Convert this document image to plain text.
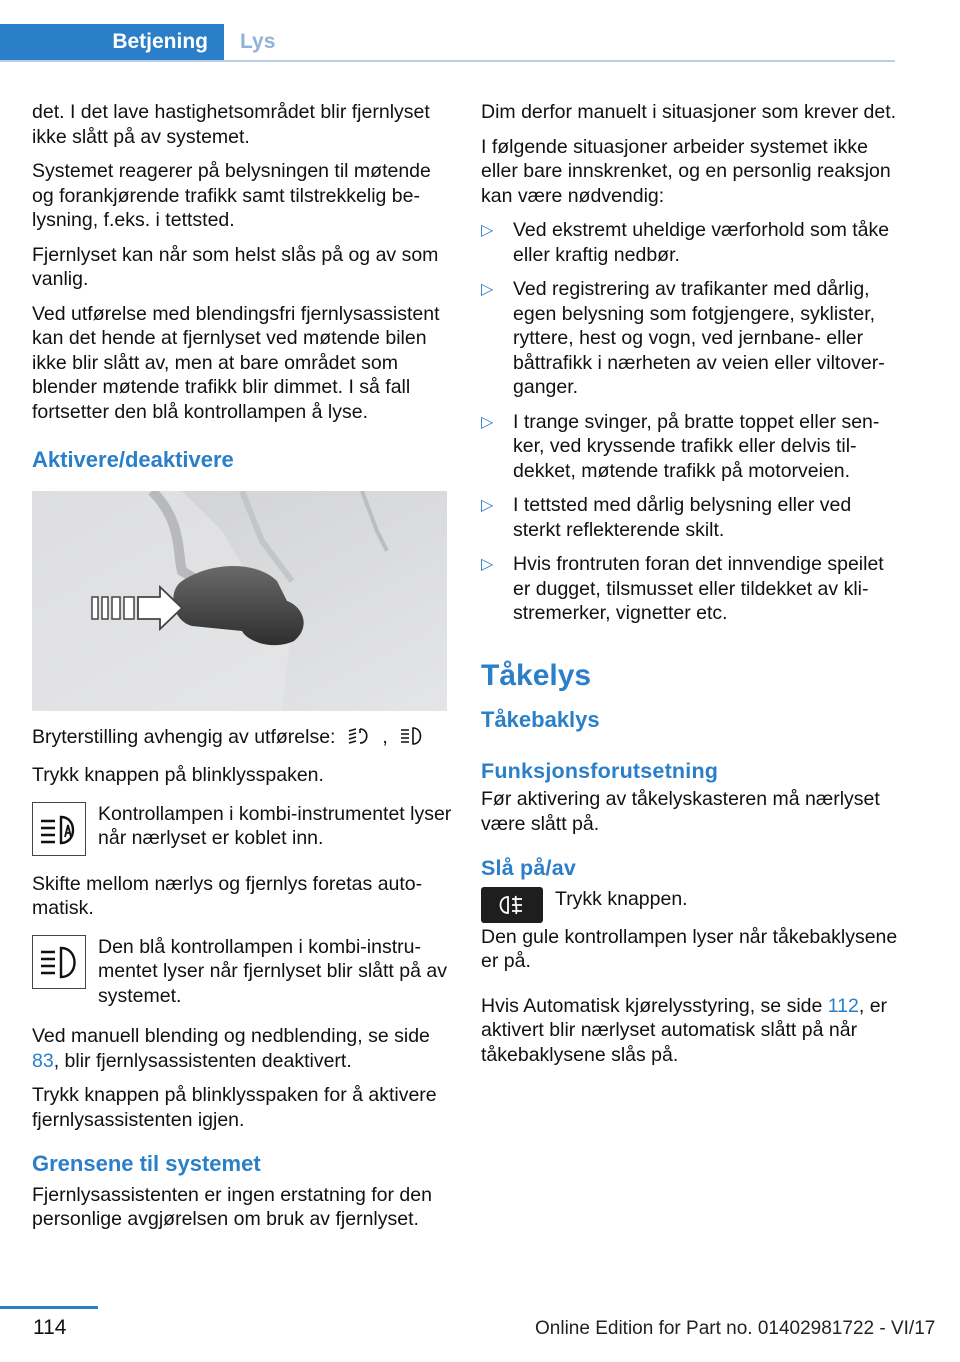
Betjening	Lys

det. I det lave hastighetsområdet blir fjernlyset ikke slått på av systemet.

Systemet reagerer på belysningen til møtende og forankjørende trafikk samt tilstrekkelig belysning, f.eks. i tettsted.

Fjernlyset kan når som helst slås på og av som vanlig.

Ved utførelse med blendingsfri fjernlysassistent kan det hende at fjernlyset ved møtende bilen ikke blir slått av, men at bare området som blender møtende trafikk blir dimmet. I så fall fortsetter den blå kontrollampen å lyse.

Aktivere/deaktivere

Bryterstilling avhengig av utførelse: ,

Trykk knappen på blinklysspaken.

Kontrollampen i kombi-instrumentet lyser når nærlyset er koblet inn.

Skifte mellom nærlys og fjernlys foretas automatisk.

Den blå kontrollampen i kombi-instrumentet lyser når fjernlyset blir slått på av systemet.

Ved manuell blending og nedblending, se side 83, blir fjernlysassistenten deaktivert.

Trykk knappen på blinklysspaken for å aktivere fjernlysassistenten igjen.

Grensene til systemet

Fjernlysassistenten er ingen erstatning for den personlige avgjørelsen om bruk av fjernlyset.

Dim derfor manuelt i situasjoner som krever det.

I følgende situasjoner arbeider systemet ikke eller bare innskrenket, og en personlig reaksjon kan være nødvendig:

▷ Ved ekstremt uheldige værforhold som tåke eller kraftig nedbør.
▷ Ved registrering av trafikanter med dårlig, egen belysning som fotgjengere, syklister, ryttere, hest og vogn, ved jernbane- eller båttrafikk i nærheten av veien eller viltoverganger.
▷ I trange svinger, på bratte toppet eller senker, ved kryssende trafikk eller delvis tildekket, møtende trafikk på motorveien.
▷ I tettsted med dårlig belysning eller ved sterkt reflekterende skilt.
▷ Hvis frontruten foran det innvendige speilet er dugget, tilsmusset eller tildekket av klistremerker, vignetter etc.
Tåkelys
Tåkebaklys
Funksjonsforutsetning

Før aktivering av tåkelyskasteren må nærlyset være slått på.

Slå på/av

Trykk knappen.

Den gule kontrollampen lyser når tåkebaklysene er på.

Hvis Automatisk kjørelysstyring, se side 112, er aktivert blir nærlyset automatisk slått på når tåkebaklysene slås på.

114	Online Edition for Part no. 01402981722 - VI/17
